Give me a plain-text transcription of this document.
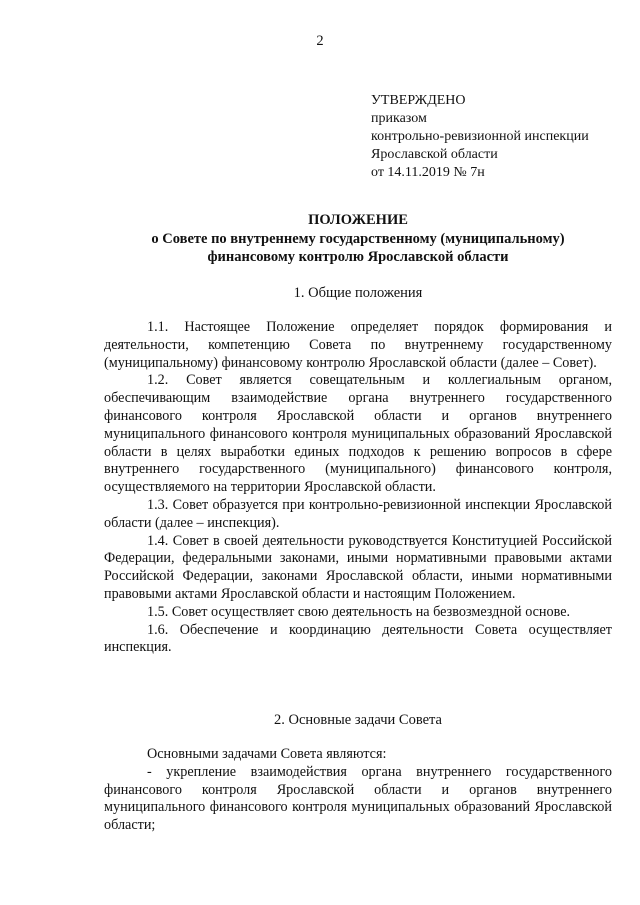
2
УТВЕРЖДЕНО
приказом
контрольно-ревизионной инспекции
Ярославской области
от 14.11.2019 № 7н
ПОЛОЖЕНИЕ
о Совете по внутреннему государственному (муниципальному)
финансовому контролю Ярославской области
1. Общие положения

1.1. Настоящее Положение определяет порядок формирования и деятельности, компетенцию Совета по внутреннему государственному (муниципальному) финансовому контролю Ярославской области (далее – Совет).

1.2. Совет является совещательным и коллегиальным органом, обеспечивающим взаимодействие органа внутреннего государственного финансового контроля Ярославской области и органов внутреннего муниципального финансового контроля муниципальных образований Ярославской области в целях выработки единых подходов к решению вопросов в сфере внутреннего государственного (муниципального) финансового контроля, осуществляемого на территории Ярославской области.

1.3. Совет образуется при контрольно-ревизионной инспекции Ярославской области (далее – инспекция).

1.4. Совет в своей деятельности руководствуется Конституцией Российской Федерации, федеральными законами, иными нормативными правовыми актами Российской Федерации, законами Ярославской области, иными нормативными правовыми актами Ярославской области и настоящим Положением.

1.5. Совет осуществляет свою деятельность на безвозмездной основе.

1.6. Обеспечение и координацию деятельности Совета осуществляет инспекция.

2. Основные задачи Совета

Основными задачами Совета являются:

- укрепление взаимодействия органа внутреннего государственного финансового контроля Ярославской области и органов внутреннего муниципального финансового контроля муниципальных образований Ярославской области;
